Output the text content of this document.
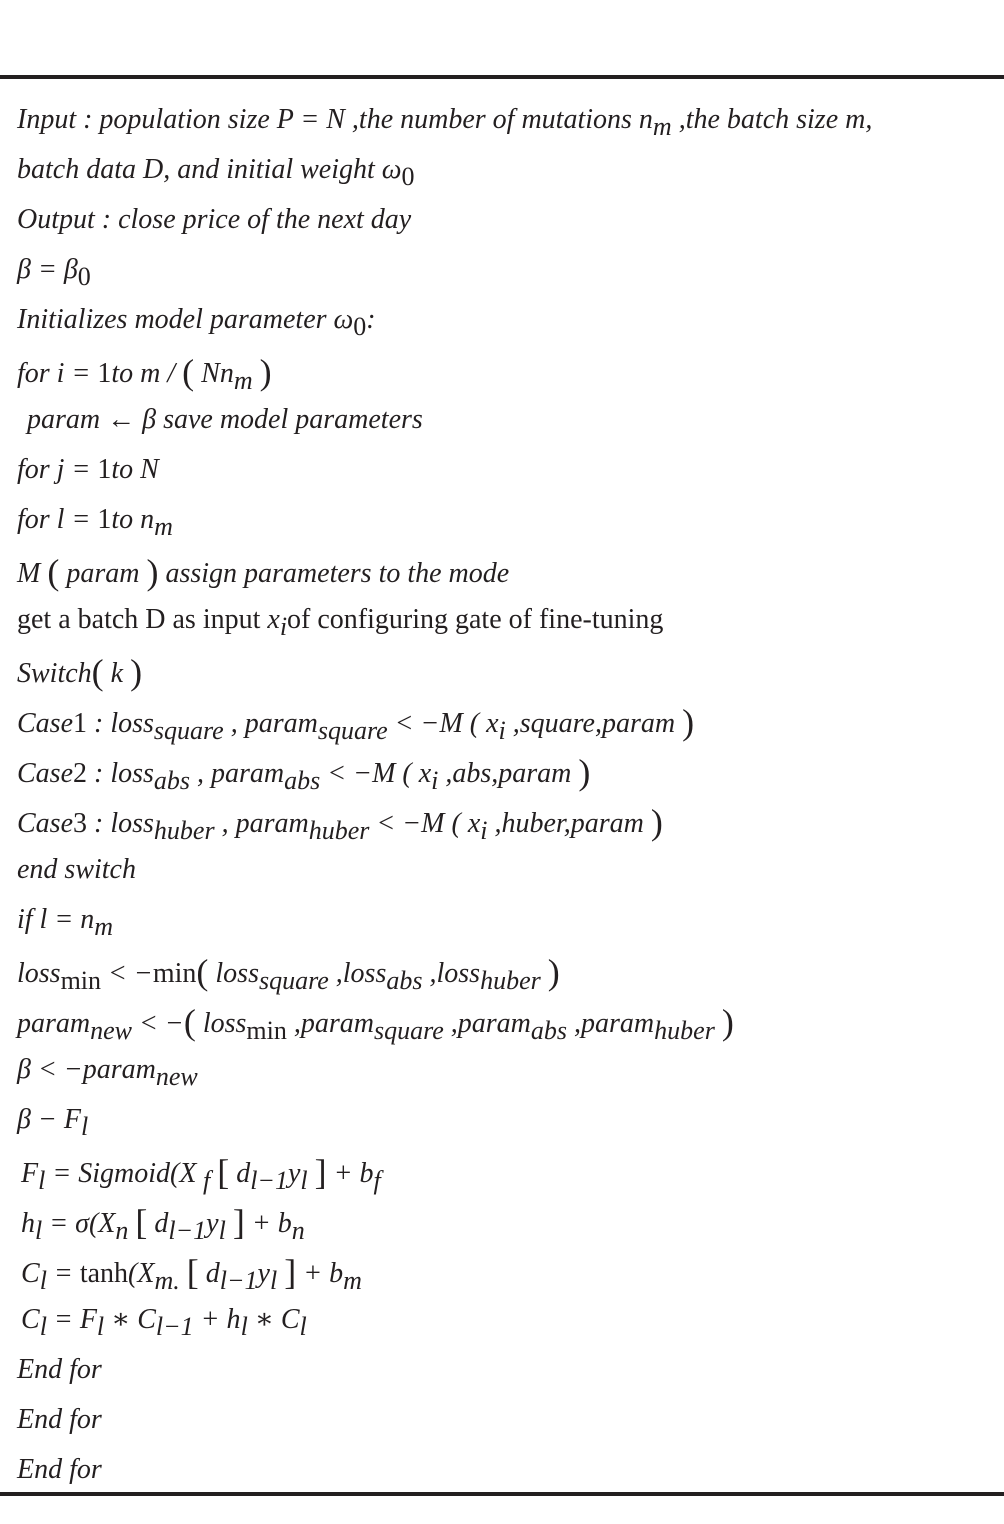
Input : population size P = N ,the number of mutations nm ,the batch size m,
batch data D, and initial weight ω0
Output : close price of the next day
β = β0
Initializes model parameter ω0:
for i = 1to m / ( Nnm )
param ← β save model parameters
for j = 1to N
for l = 1to nm
M ( param ) assign parameters to the mode
get a batch D as input xiof configuring gate of fine-tuning
Switch( k )
Case1 : losssquare , paramsquare < −M ( xi ,square,param )
Case2 : lossabs , paramabs < −M ( xi ,abs,param )
Case3 : losshuber , paramhuber < −M ( xi ,huber,param )
end switch
if l = nm
lossmin < −min( losssquare ,lossabs ,losshuber )
paramnew < −( lossmin ,paramsquare ,paramabs ,paramhuber )
β < −paramnew
β − Fl
Fl = Sigmoid(X f [ dl−1yl ] + bf
hl = σ(Xn [ dl−1yl ] + bn
Cl = tanh(Xm. [ dl−1yl ] + bm
Cl = Fl ∗ Cl−1 + hl ∗ Cl
End for
End for
End for
